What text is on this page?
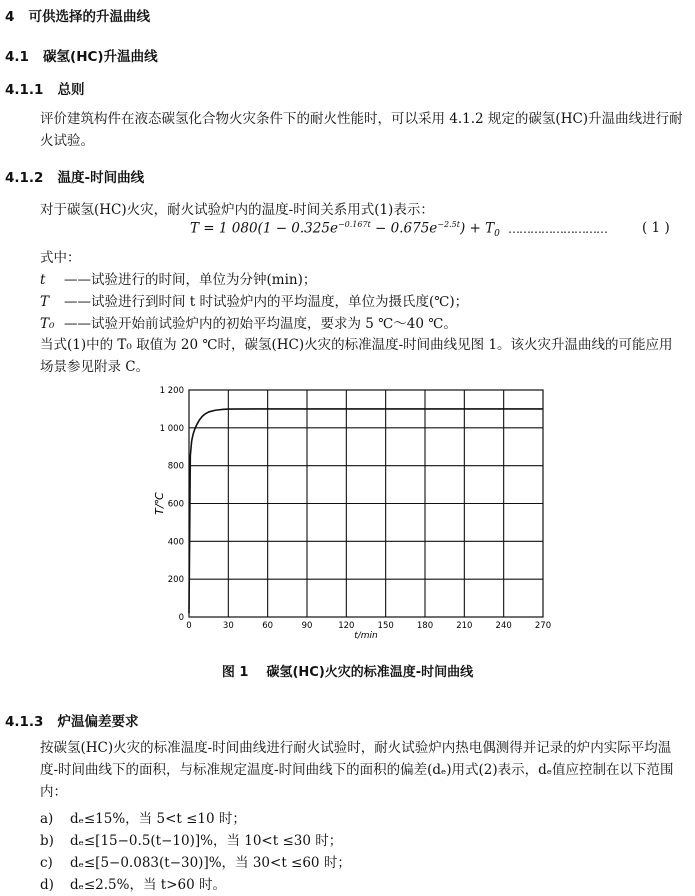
4 可供选择的升温曲线
4.1 碳氢(HC)升温曲线
4.1.1 总则
评价建筑构件在液态碳氢化合物火灾条件下的耐火性能时，可以采用 4.1.2 规定的碳氢(HC)升温曲线进行耐火试验。
4.1.2 温度-时间曲线
对于碳氢(HC)火灾，耐火试验炉内的温度-时间关系用式(1)表示：
T = 1 $080(1 - 0.325e^{-0.167t} - 0.675e^{-2.5t}) + T_0$ ………………………	( 1 )
式中：
t ——试验进行的时间，单位为分钟(min)；
T ——试验进行到时间 t 时试验炉内的平均温度，单位为摄氏度(℃)；
T₀ ——试验开始前试验炉内的初始平均温度，要求为 5 ℃～40 ℃。
当式(1)中的 T₀ 取值为 20 ℃时，碳氢(HC)火灾的标准温度-时间曲线见图 1。该火灾升温曲线的可能应用场景参见附录 C。
0
200
400
600
800
1 000
1 200
0	30	60	90	120	150	180	210	240	270
T/℃
t/min
图 1    碳氢(HC)火灾的标准温度-时间曲线
4.1.3 炉温偏差要求
按碳氢(HC)火灾的标准温度-时间曲线进行耐火试验时，耐火试验炉内热电偶测得并记录的炉内实际平均温度-时间曲线下的面积，与标准规定温度-时间曲线下的面积的偏差(dₑ)用式(2)表示，dₑ值应控制在以下范围内：
a) dₑ≤15%，当 5<t ≤10 时；
b) dₑ≤[15−0.5(t−10)]%，当 10<t ≤30 时；
c) dₑ≤[5−0.083(t−30)]%，当 30<t ≤60 时；
d) dₑ≤2.5%，当 t>60 时。
